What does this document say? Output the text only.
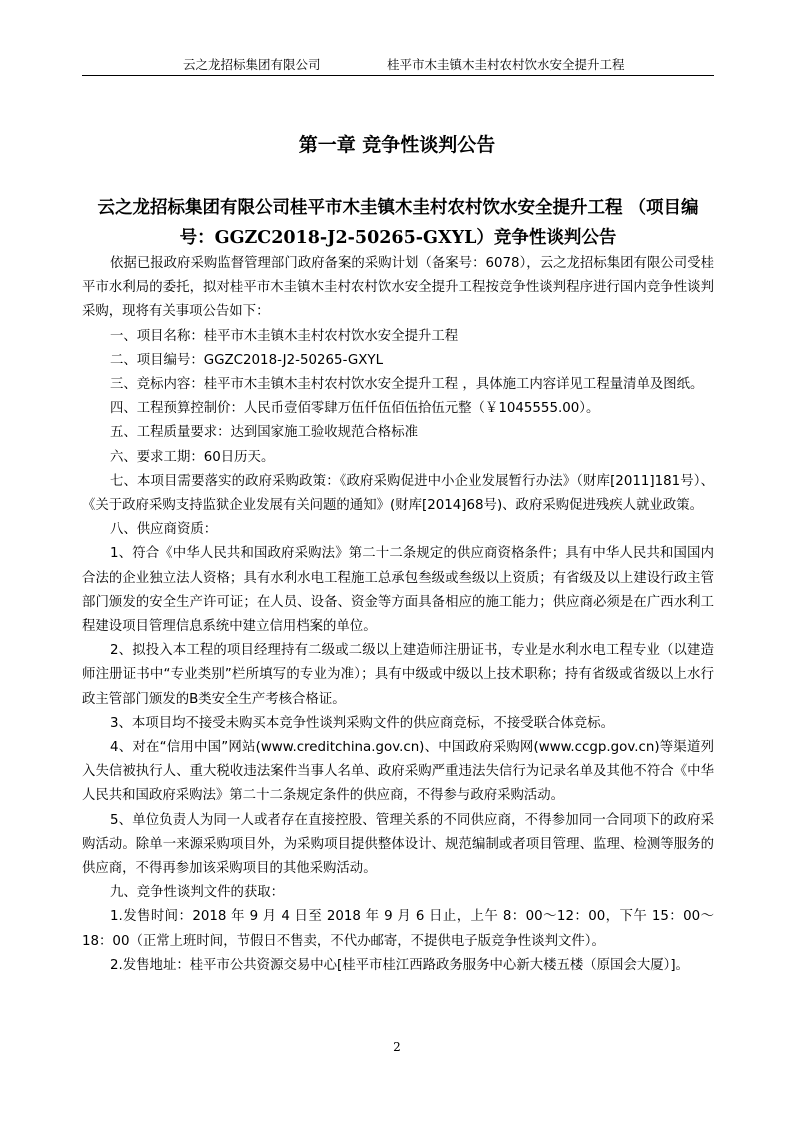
云之龙招标集团有限公司	桂平市木圭镇木圭村农村饮水安全提升工程
第一章 竞争性谈判公告
云之龙招标集团有限公司桂平市木圭镇木圭村农村饮水安全提升工程 （项目编号：GGZC2018-J2-50265-GXYL）竞争性谈判公告

依据已报政府采购监督管理部门政府备案的采购计划（备案号：6078），云之龙招标集团有限公司受桂平市水利局的委托，拟对桂平市木圭镇木圭村农村饮水安全提升工程按竞争性谈判程序进行国内竞争性谈判采购，现将有关事项公告如下：

一、项目名称：桂平市木圭镇木圭村农村饮水安全提升工程

二、项目编号：GGZC2018-J2-50265-GXYL

三、竞标内容：桂平市木圭镇木圭村农村饮水安全提升工程 ，具体施工内容详见工程量清单及图纸。

四、工程预算控制价：人民币壹佰零肆万伍仟伍佰伍拾伍元整（￥1045555.00）。

五、工程质量要求：达到国家施工验收规范合格标准

六、要求工期：60日历天。

七、本项目需要落实的政府采购政策：《政府采购促进中小企业发展暂行办法》（财库[2011]181号）、《关于政府采购支持监狱企业发展有关问题的通知》(财库[2014]68号)、政府采购促进残疾人就业政策。

八、供应商资质：

1、符合《中华人民共和国政府采购法》第二十二条规定的供应商资格条件；具有中华人民共和国国内合法的企业独立法人资格；具有水利水电工程施工总承包叁级或叁级以上资质；有省级及以上建设行政主管部门颁发的安全生产许可证；在人员、设备、资金等方面具备相应的施工能力；供应商必须是在广西水利工程建设项目管理信息系统中建立信用档案的单位。

2、拟投入本工程的项目经理持有二级或二级以上建造师注册证书，专业是水利水电工程专业（以建造师注册证书中“专业类别”栏所填写的专业为准）；具有中级或中级以上技术职称；持有省级或省级以上水行政主管部门颁发的B类安全生产考核合格证。

3、本项目均不接受未购买本竞争性谈判采购文件的供应商竞标，不接受联合体竞标。

4、对在“信用中国”网站(www.creditchina.gov.cn)、中国政府采购网(www.ccgp.gov.cn)等渠道列入失信被执行人、重大税收违法案件当事人名单、政府采购严重违法失信行为记录名单及其他不符合《中华人民共和国政府采购法》第二十二条规定条件的供应商，不得参与政府采购活动。

5、单位负责人为同一人或者存在直接控股、管理关系的不同供应商，不得参加同一合同项下的政府采购活动。除单一来源采购项目外，为采购项目提供整体设计、规范编制或者项目管理、监理、检测等服务的供应商，不得再参加该采购项目的其他采购活动。

九、竞争性谈判文件的获取：

1.发售时间：2018 年 9 月 4 日至 2018 年 9 月 6 日止，上午 8：00～12：00，下午 15：00～18：00（正常上班时间，节假日不售卖，不代办邮寄，不提供电子版竞争性谈判文件）。

2.发售地址：桂平市公共资源交易中心[桂平市桂江西路政务服务中心新大楼五楼（原国会大厦）]。

2
